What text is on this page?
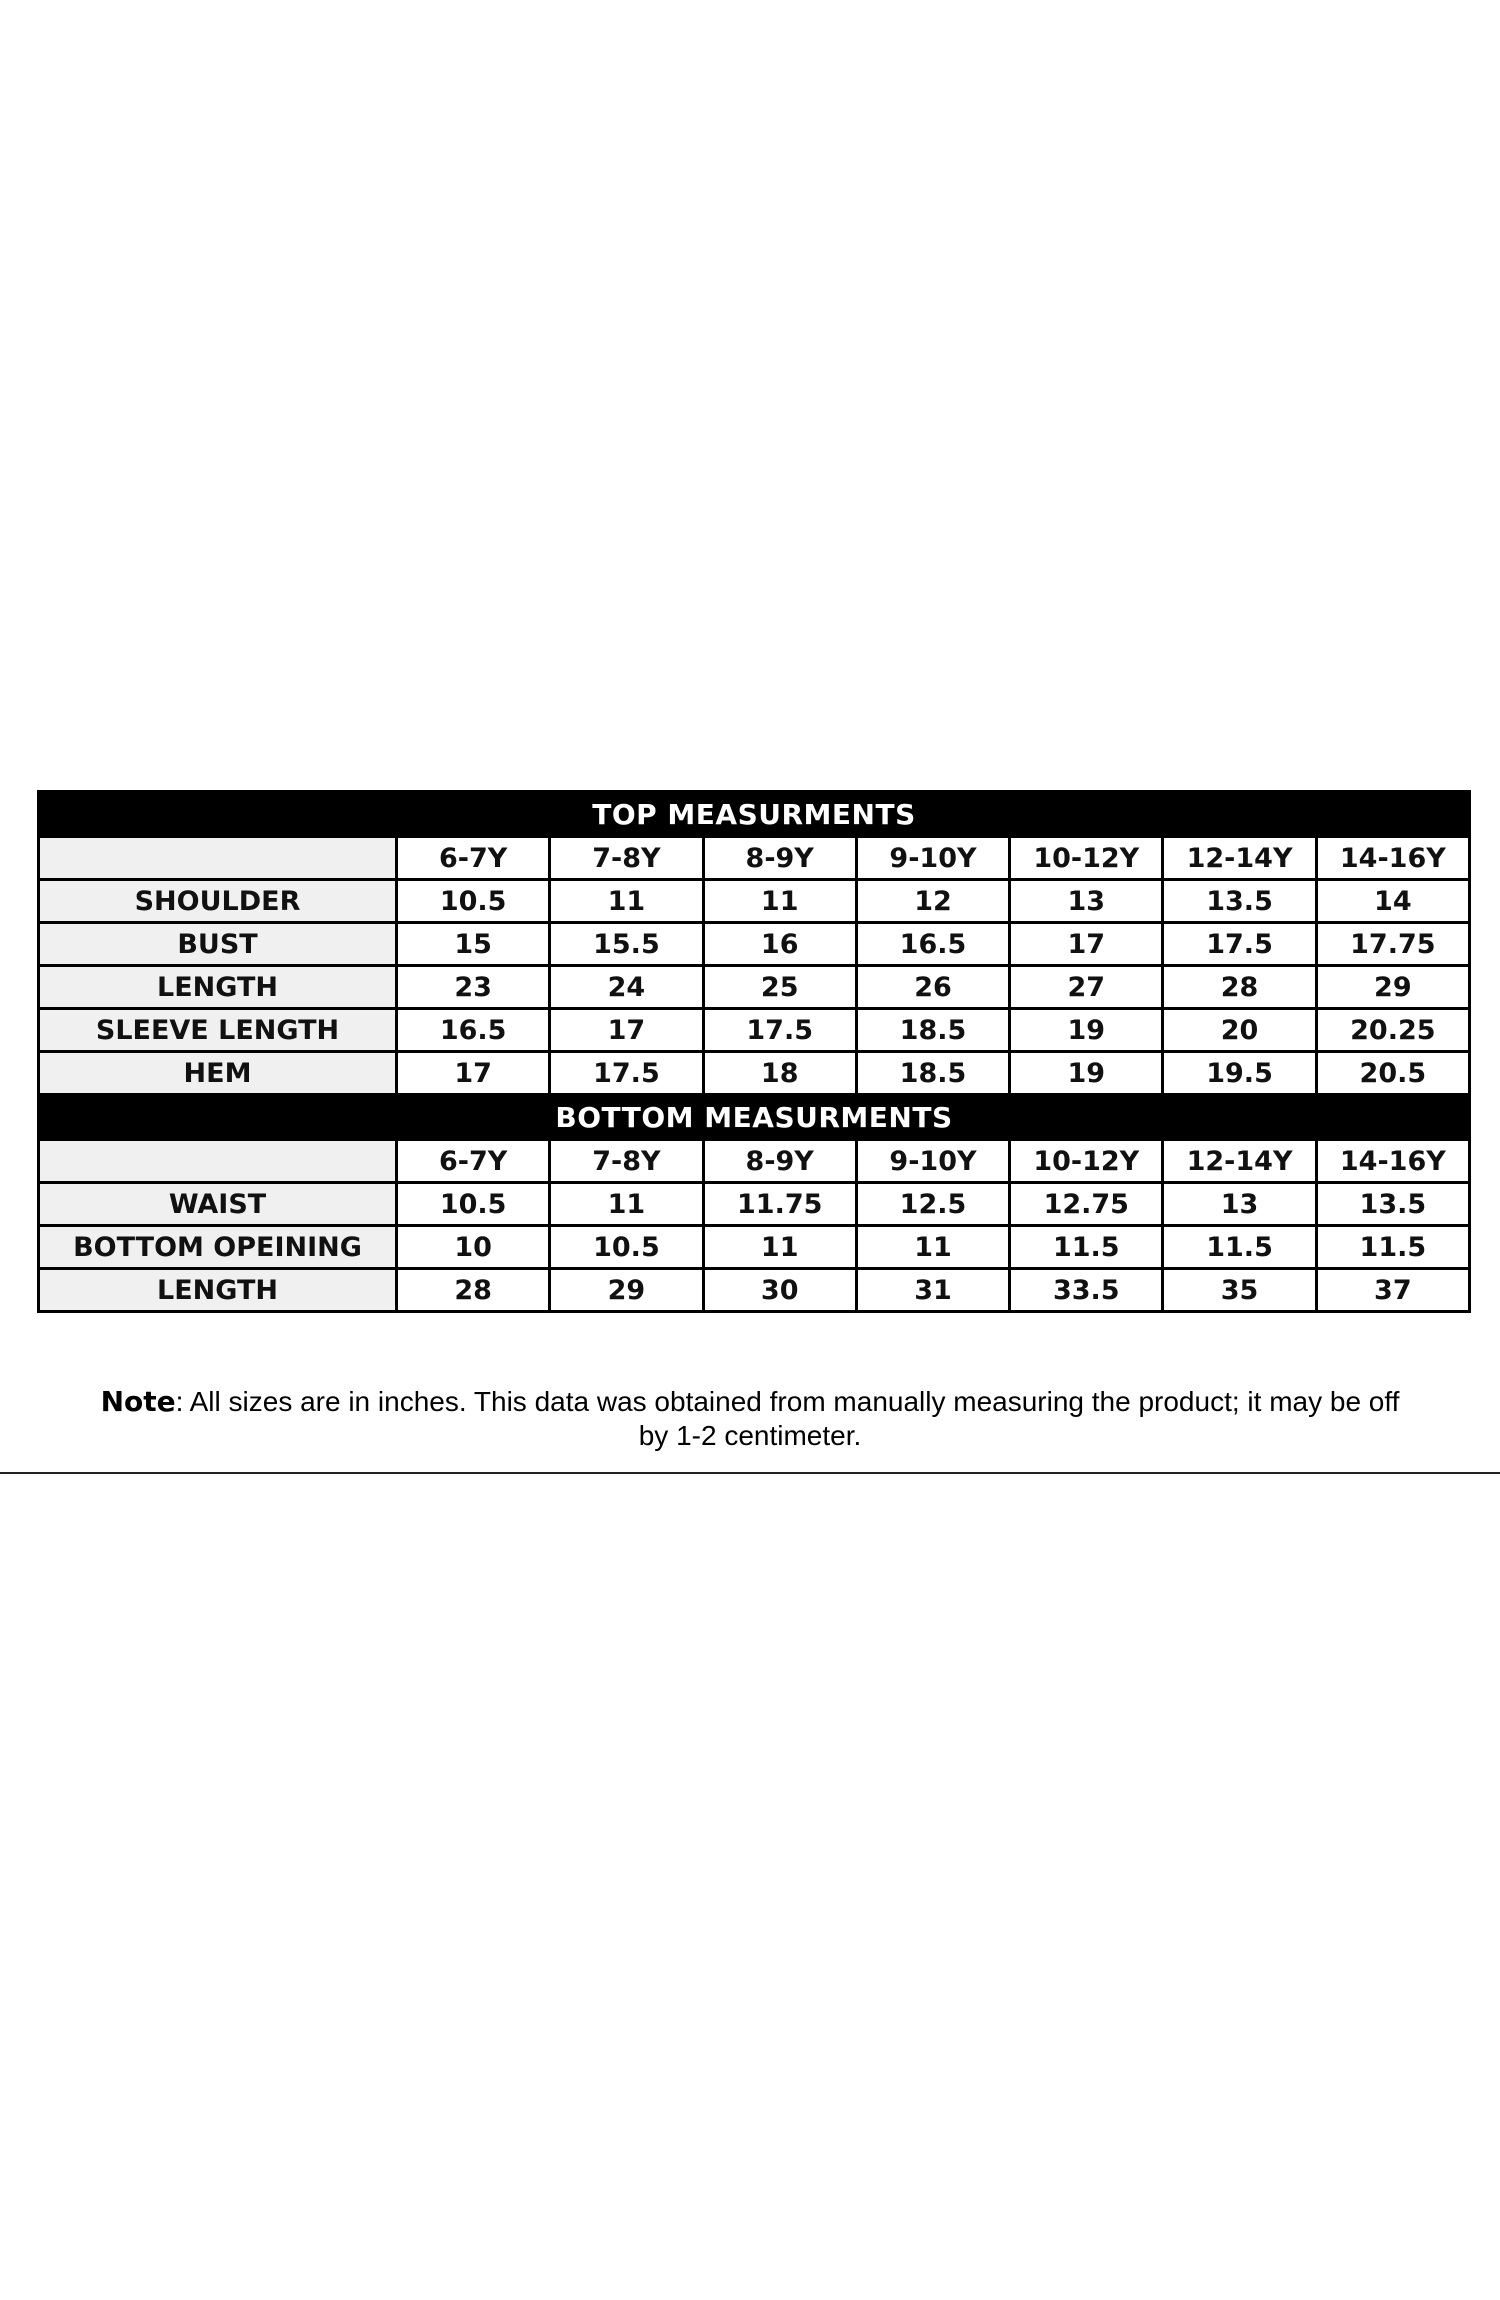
TOP MEASURMENTS							
	6-7Y	7-8Y	8-9Y	9-10Y	10-12Y	12-14Y	14-16Y
SHOULDER	10.5	11	11	12	13	13.5	14
BUST	15	15.5	16	16.5	17	17.5	17.75
LENGTH	23	24	25	26	27	28	29
SLEEVE LENGTH	16.5	17	17.5	18.5	19	20	20.25
HEM	17	17.5	18	18.5	19	19.5	20.5
BOTTOM MEASURMENTS							
	6-7Y	7-8Y	8-9Y	9-10Y	10-12Y	12-14Y	14-16Y
WAIST	10.5	11	11.75	12.5	12.75	13	13.5
BOTTOM OPEINING	10	10.5	11	11	11.5	11.5	11.5
LENGTH	28	29	30	31	33.5	35	37
Note: All sizes are in inches. This data was obtained from manually measuring the product; it may be off by 1-2 centimeter.
